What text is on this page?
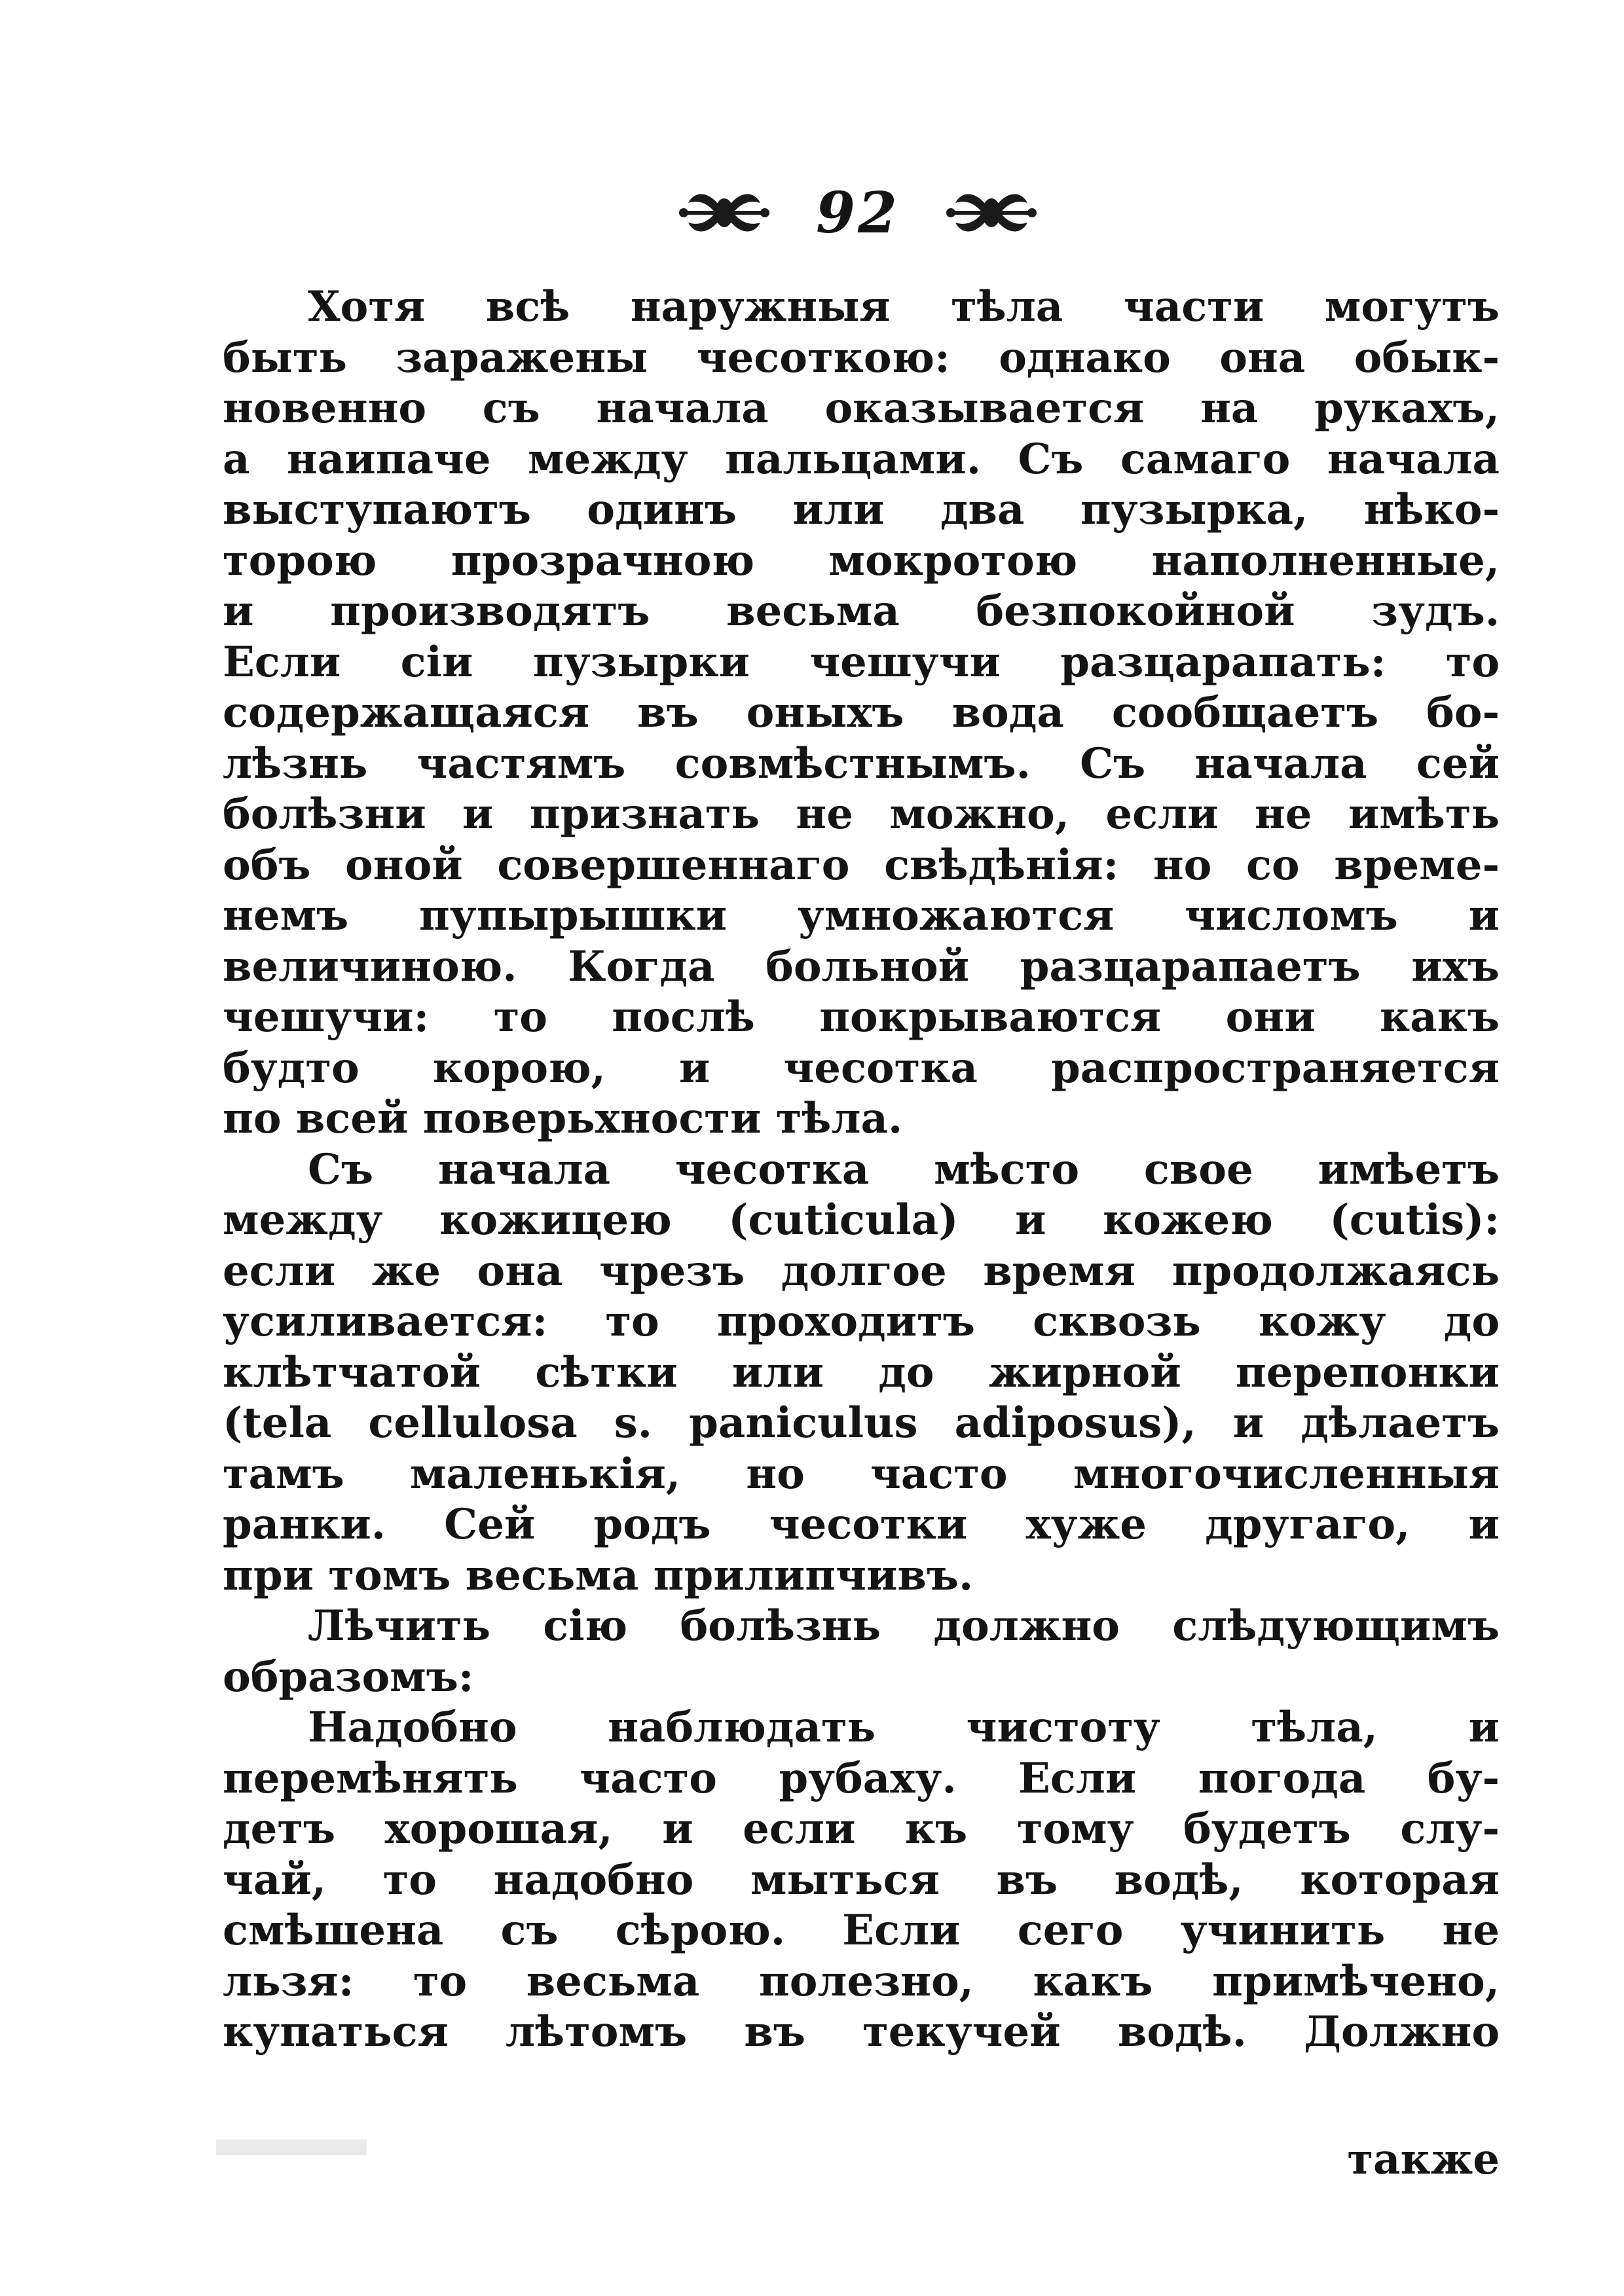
92
Хотя всѣ наружныя тѣла части могутъ
быть заражены чесоткою: однако она обык-
новенно съ начала оказывается на рукахъ,
а наипаче между пальцами. Съ самаго начала
выступаютъ одинъ или два пузырка, нѣко-
торою прозрачною мокротою наполненные,
и производятъ весьма безпокойной зудъ.
Если сіи пузырки чешучи разцарапать: то
содержащаяся въ оныхъ вода сообщаетъ бо-
лѣзнь частямъ совмѣстнымъ. Съ начала сей
болѣзни и признать не можно, если не имѣть
объ оной совершеннаго свѣдѣнія: но со време-
немъ пупырышки умножаются числомъ и
величиною. Когда больной разцарапаетъ ихъ
чешучи: то послѣ покрываются они какъ
будто корою, и чесотка распространяется
по всей поверьхности тѣла.
Съ начала чесотка мѣсто свое имѣетъ
между кожицею (cuticula) и кожею (cutis):
если же она чрезъ долгое время продолжаясь
усиливается: то проходитъ сквозь кожу до
клѣтчатой сѣтки или до жирной перепонки
(tela cellulosa s. paniculus adiposus), и дѣлаетъ
тамъ маленькія, но часто многочисленныя
ранки. Сей родъ чесотки хуже другаго, и
при томъ весьма прилипчивъ.
Лѣчить сію болѣзнь должно слѣдующимъ
образомъ:
Надобно наблюдать чистоту тѣла, и
перемѣнять часто рубаху. Если погода бу-
детъ хорошая, и если къ тому будетъ слу-
чай, то надобно мыться въ водѣ, которая
смѣшена съ сѣрою. Если сего учинить не
льзя: то весьма полезно, какъ примѣчено,
купаться лѣтомъ въ текучей водѣ. Должно
также
